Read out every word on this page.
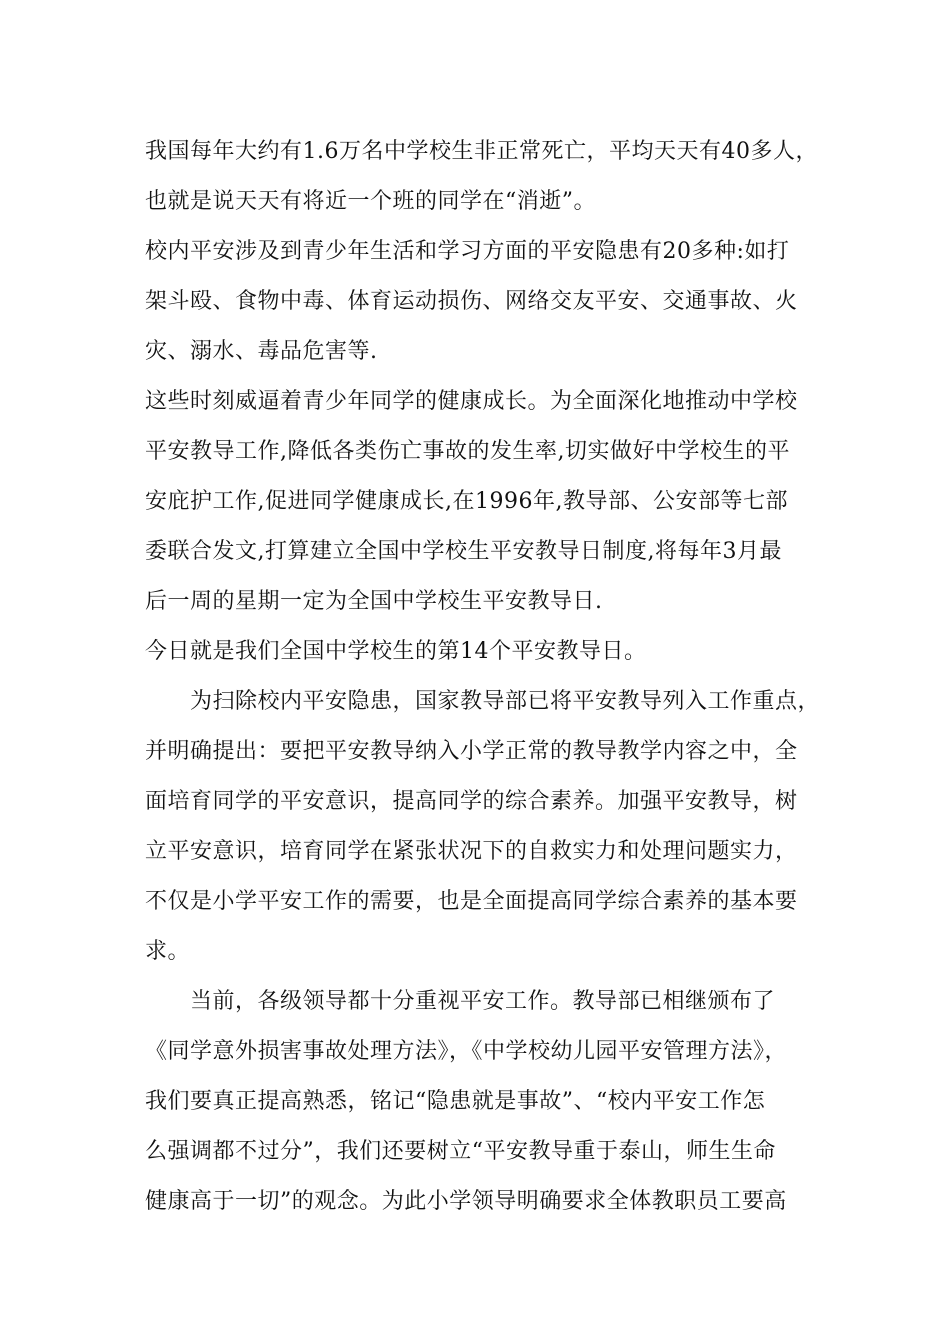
我国每年大约有1.6万名中学校生非正常死亡，平均天天有40多人，
也就是说天天有将近一个班的同学在“消逝”。
校内平安涉及到青少年生活和学习方面的平安隐患有20多种:如打
架斗殴、食物中毒、体育运动损伤、网络交友平安、交通事故、火
灾、溺水、毒品危害等.
这些时刻威逼着青少年同学的健康成长。为全面深化地推动中学校
平安教导工作,降低各类伤亡事故的发生率,切实做好中学校生的平
安庇护工作,促进同学健康成长,在1996年,教导部、公安部等七部
委联合发文,打算建立全国中学校生平安教导日制度,将每年3月最
后一周的星期一定为全国中学校生平安教导日.
今日就是我们全国中学校生的第14个平安教导日。
为扫除校内平安隐患，国家教导部已将平安教导列入工作重点，
并明确提出：要把平安教导纳入小学正常的教导教学内容之中，全
面培育同学的平安意识，提高同学的综合素养。加强平安教导，树
立平安意识，培育同学在紧张状况下的自救实力和处理问题实力，
不仅是小学平安工作的需要，也是全面提高同学综合素养的基本要
求。
当前，各级领导都十分重视平安工作。教导部已相继颁布了
《同学意外损害事故处理方法》，《中学校幼儿园平安管理方法》，
我们要真正提高熟悉，铭记“隐患就是事故”、“校内平安工作怎
么强调都不过分”，我们还要树立“平安教导重于泰山，师生生命
健康高于一切”的观念。为此小学领导明确要求全体教职员工要高
